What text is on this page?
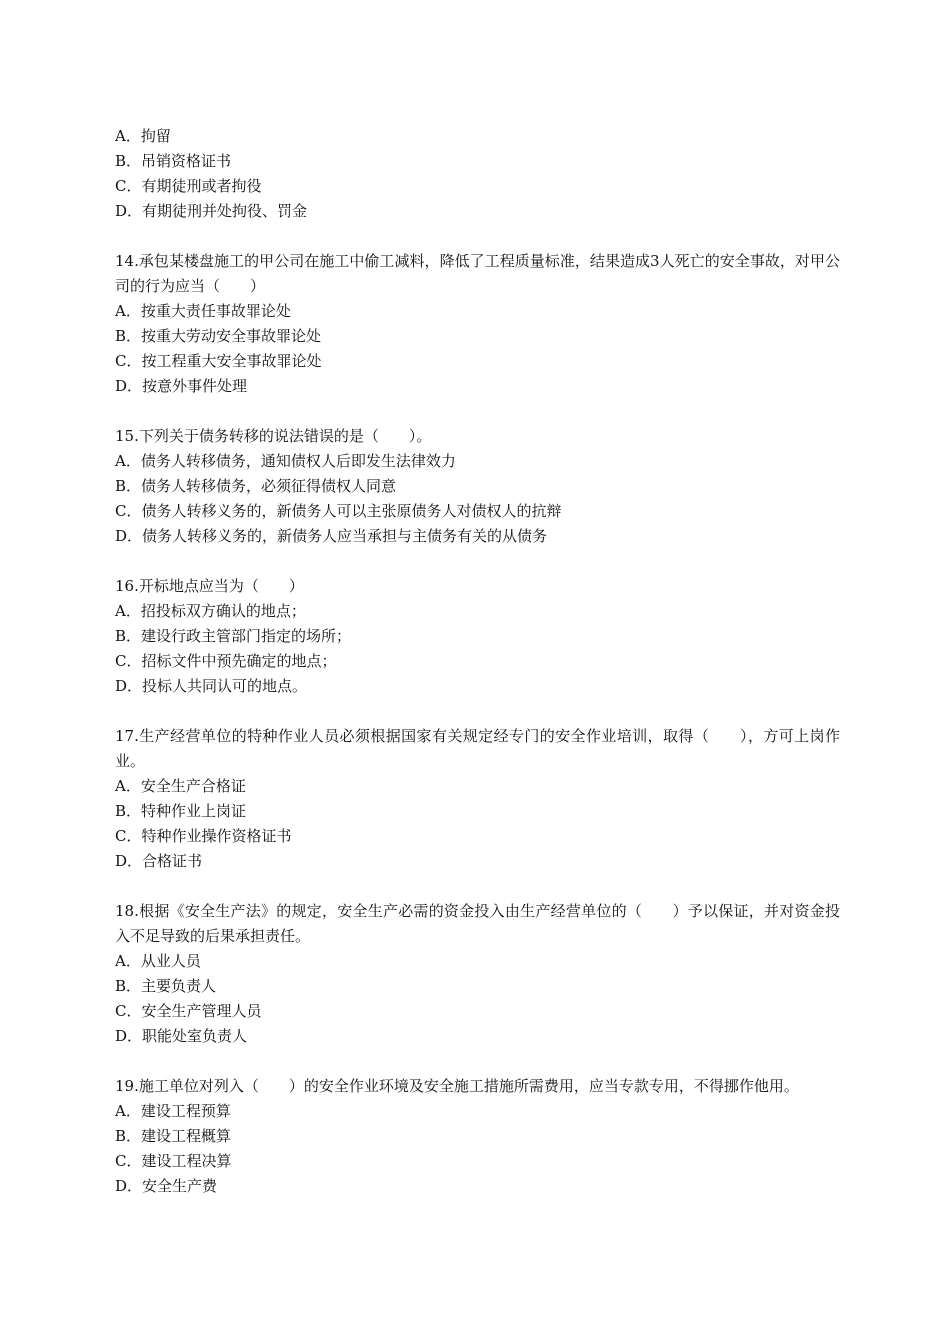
A．拘留
B．吊销资格证书
C．有期徒刑或者拘役
D．有期徒刑并处拘役、罚金
14.承包某楼盘施工的甲公司在施工中偷工减料，降低了工程质量标准，结果造成3人死亡的安全事故，对甲公司的行为应当（　　）
A．按重大责任事故罪论处
B．按重大劳动安全事故罪论处
C．按工程重大安全事故罪论处
D．按意外事件处理
15.下列关于债务转移的说法错误的是（　　）。
A．债务人转移债务，通知债权人后即发生法律效力
B．债务人转移债务，必须征得债权人同意
C．债务人转移义务的，新债务人可以主张原债务人对债权人的抗辩
D．债务人转移义务的，新债务人应当承担与主债务有关的从债务
16.开标地点应当为（　　）
A．招投标双方确认的地点；
B．建设行政主管部门指定的场所；
C．招标文件中预先确定的地点；
D．投标人共同认可的地点。
17.生产经营单位的特种作业人员必须根据国家有关规定经专门的安全作业培训，取得（　　），方可上岗作业。
A．安全生产合格证
B．特种作业上岗证
C．特种作业操作资格证书
D．合格证书
18.根据《安全生产法》的规定，安全生产必需的资金投入由生产经营单位的（　　）予以保证，并对资金投入不足导致的后果承担责任。
A．从业人员
B．主要负责人
C．安全生产管理人员
D．职能处室负责人
19.施工单位对列入（　　）的安全作业环境及安全施工措施所需费用，应当专款专用，不得挪作他用。
A．建设工程预算
B．建设工程概算
C．建设工程决算
D．安全生产费
